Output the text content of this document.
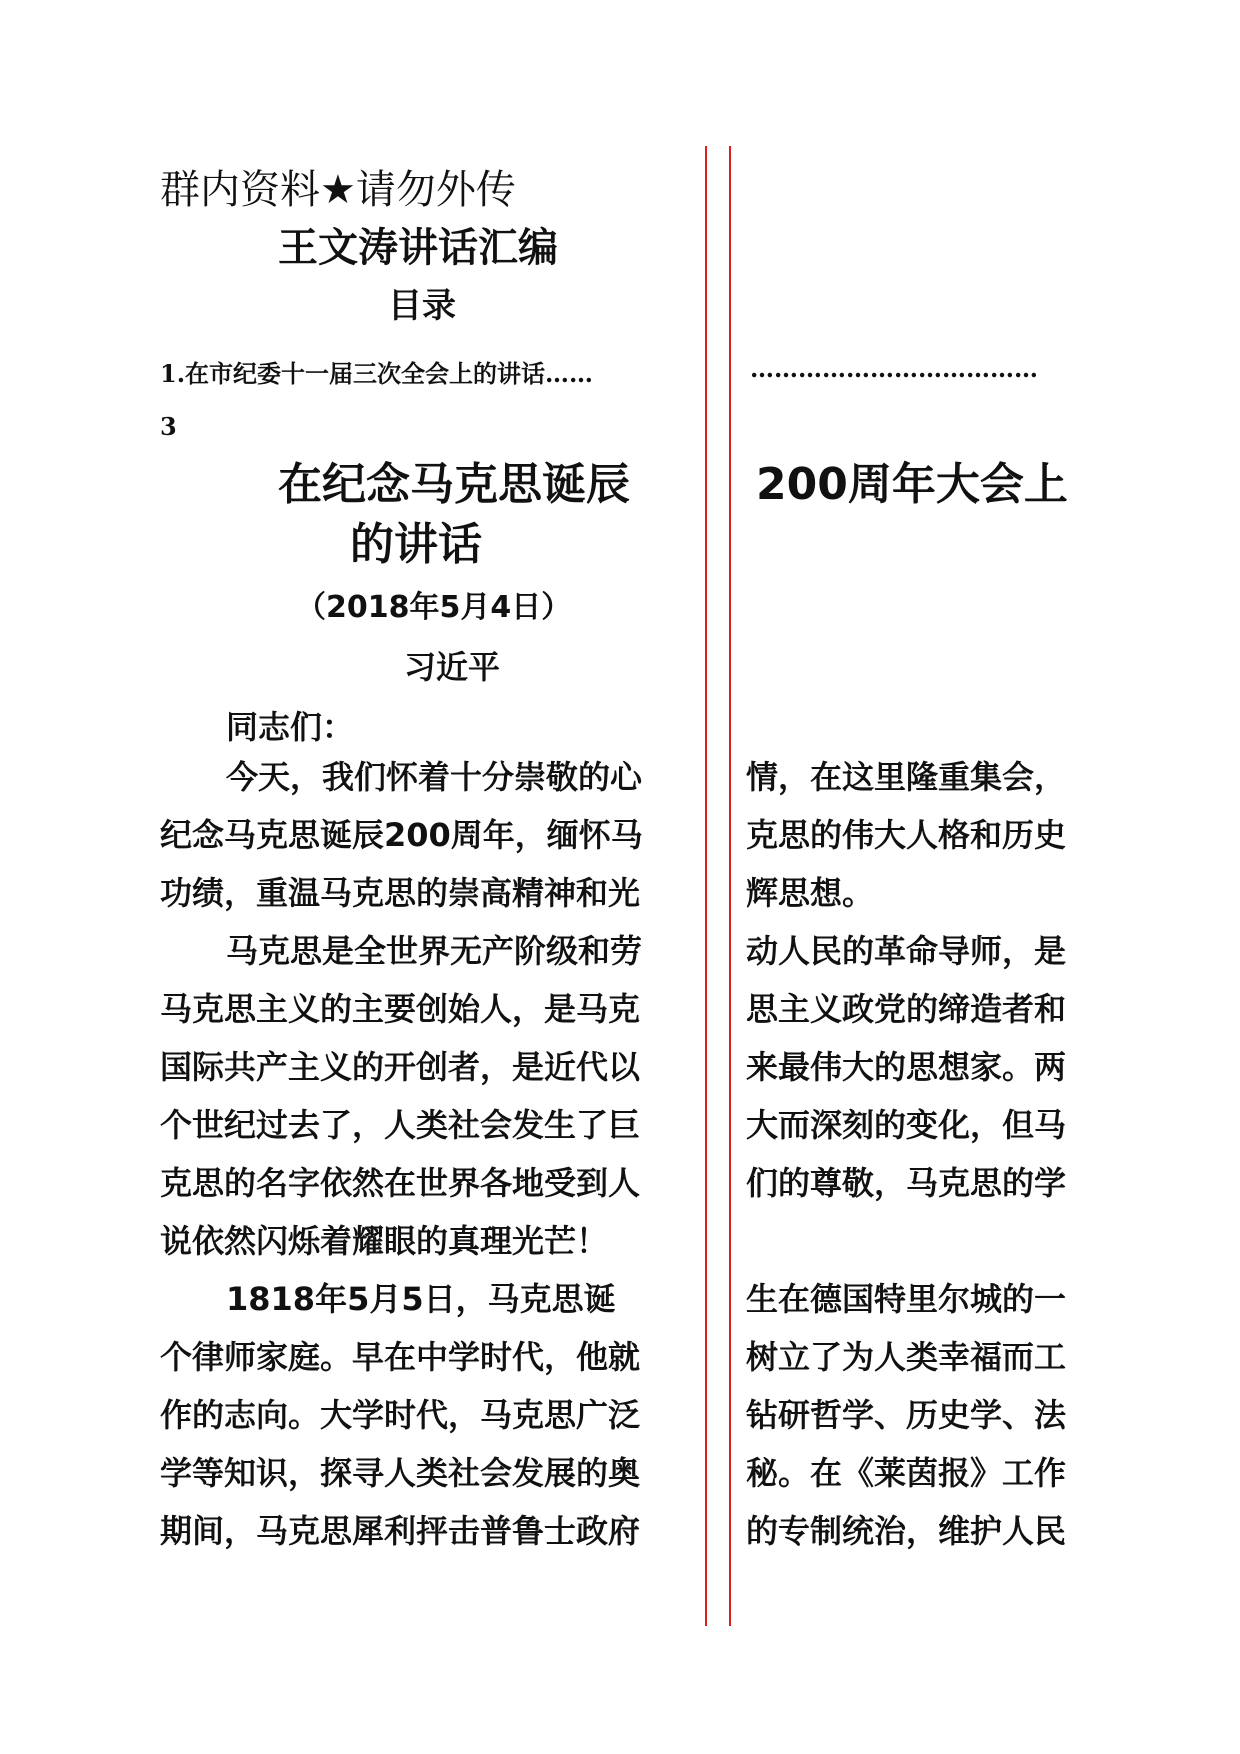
群内资料★请勿外传
王文涛讲话汇编
目录
1.在市纪委十一届三次全会上的讲话……	………………………………
3
在纪念马克思诞辰
的讲话
200周年大会上
（2018年5月4日）
习近平
同志们：
今天，我们怀着十分崇敬的心
纪念马克思诞辰200周年，缅怀马
功绩，重温马克思的崇高精神和光
马克思是全世界无产阶级和劳
马克思主义的主要创始人，是马克
国际共产主义的开创者，是近代以
个世纪过去了，人类社会发生了巨
克思的名字依然在世界各地受到人
说依然闪烁着耀眼的真理光芒！
1818年5月5日，马克思诞
个律师家庭。早在中学时代，他就
作的志向。大学时代，马克思广泛
学等知识，探寻人类社会发展的奥
期间，马克思犀利抨击普鲁士政府
情，在这里隆重集会，
克思的伟大人格和历史
辉思想。
动人民的革命导师，是
思主义政党的缔造者和
来最伟大的思想家。两
大而深刻的变化，但马
们的尊敬，马克思的学
生在德国特里尔城的一
树立了为人类幸福而工
钻研哲学、历史学、法
秘。在《莱茵报》工作
的专制统治，维护人民
